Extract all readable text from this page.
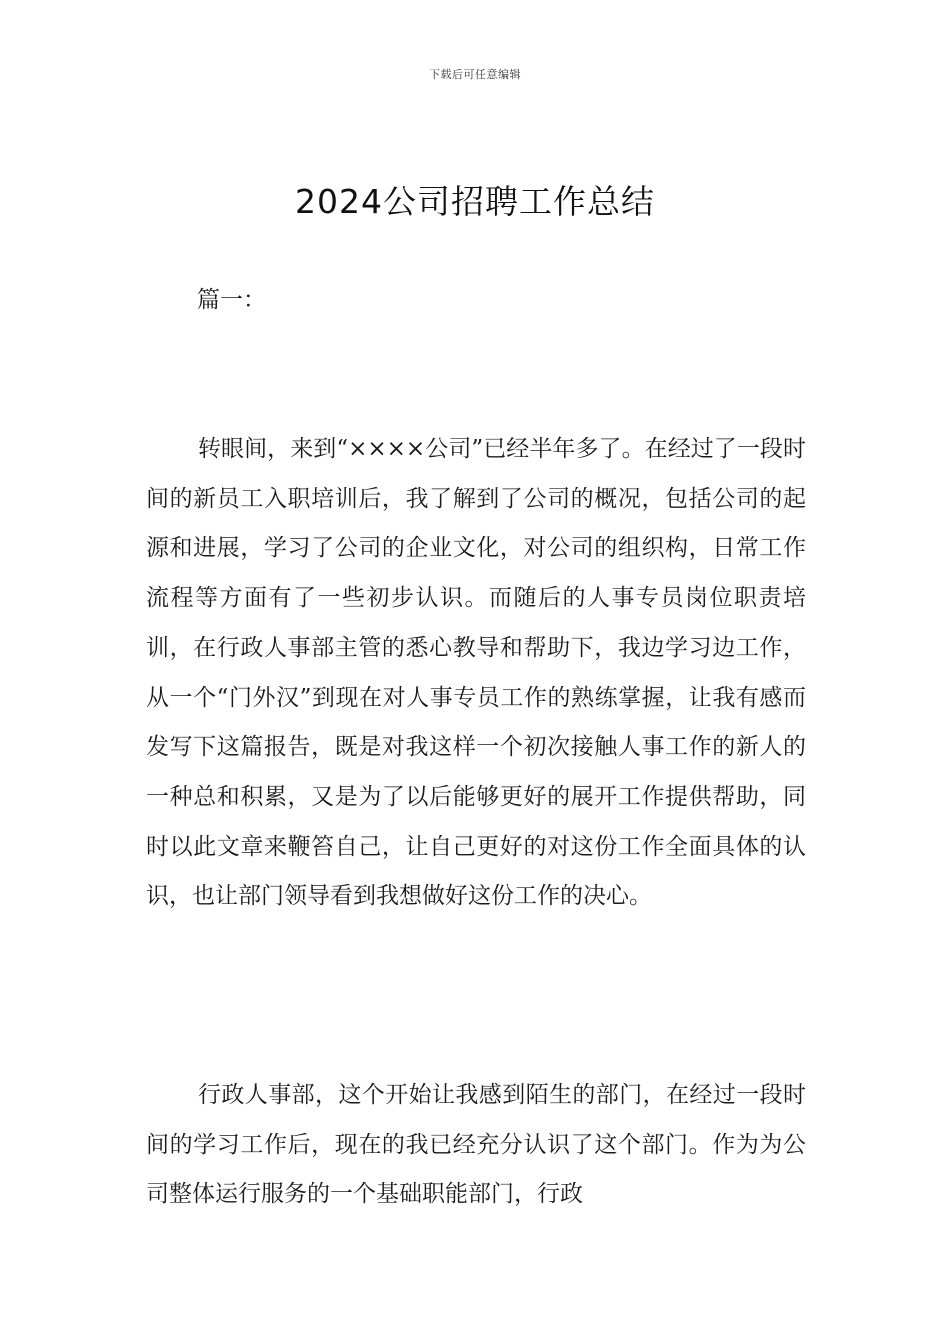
下载后可任意编辑
2024公司招聘工作总结
篇一：

转眼间，来到“××××公司”已经半年多了。在经过了一段时间的新员工入职培训后，我了解到了公司的概况，包括公司的起源和进展，学习了公司的企业文化，对公司的组织构，日常工作流程等方面有了一些初步认识。而随后的人事专员岗位职责培训，在行政人事部主管的悉心教导和帮助下，我边学习边工作，从一个“门外汉”到现在对人事专员工作的熟练掌握，让我有感而发写下这篇报告，既是对我这样一个初次接触人事工作的新人的一种总和积累，又是为了以后能够更好的展开工作提供帮助，同时以此文章来鞭笞自己，让自己更好的对这份工作全面具体的认识，也让部门领导看到我想做好这份工作的决心。

行政人事部，这个开始让我感到陌生的部门，在经过一段时间的学习工作后，现在的我已经充分认识了这个部门。作为为公司整体运行服务的一个基础职能部门，行政
